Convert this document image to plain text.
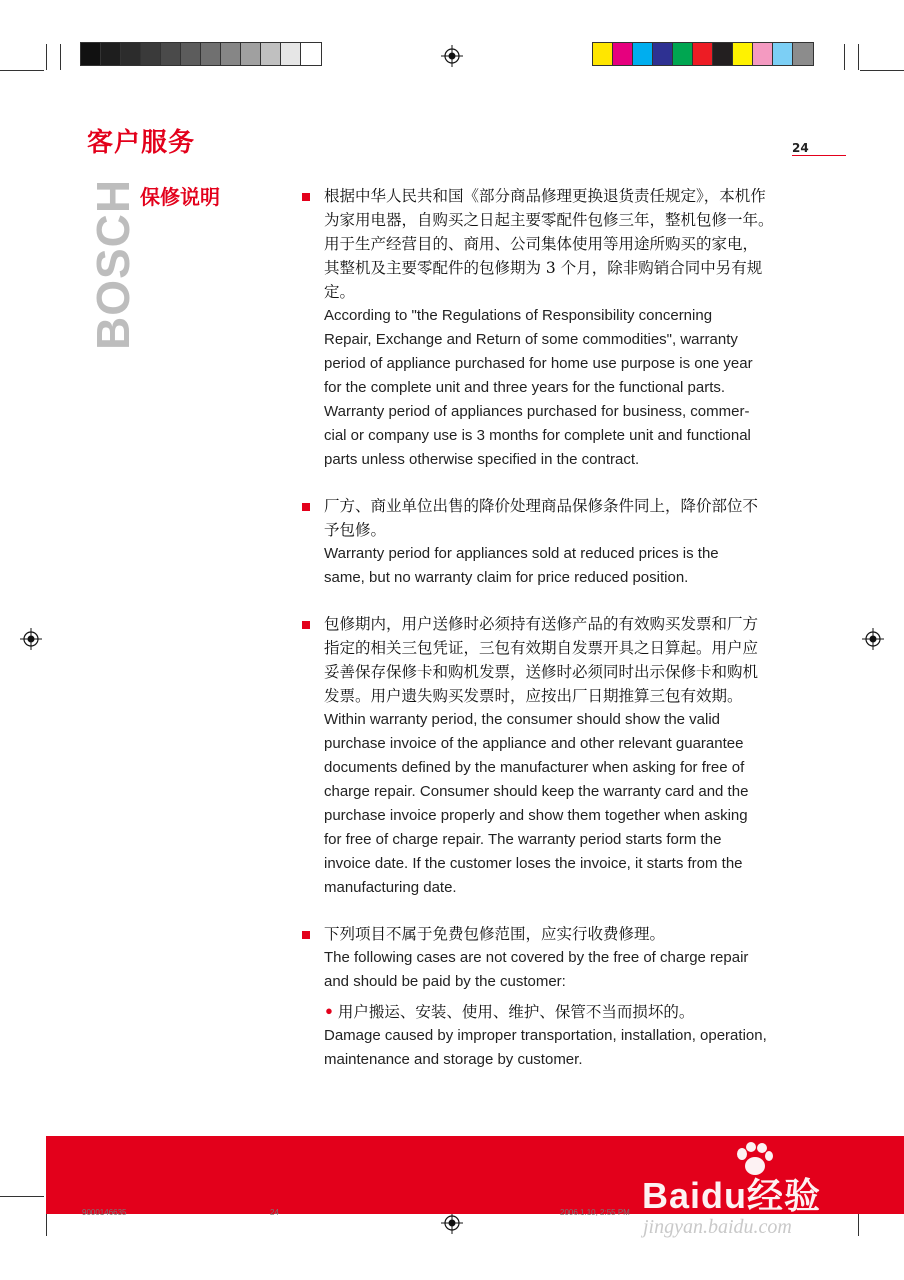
客户服务	24
BOSCH 保修说明	根据中华人民共和国《部分商品修理更换退货责任规定》，本机作
为家用电器，自购买之日起主要零配件包修三年，整机包修一年。
用于生产经营目的、商用、公司集体使用等用途所购买的家电，
其整机及主要零配件的包修期为 3 个月，除非购销合同中另有规
定。
According to "the Regulations of Responsibility concerning
Repair, Exchange and Return of some commodities", warranty
period of appliance purchased for home use purpose is one year
for the complete unit and three years for the functional parts.
Warranty period of appliances purchased for business, commer-
cial or company use is 3 months for complete unit and functional
parts unless otherwise specified in the contract.
厂方、商业单位出售的降价处理商品保修条件同上，降价部位不
予包修。
Warranty period for appliances sold at reduced prices is the
same, but no warranty claim for price reduced position.
包修期内，用户送修时必须持有送修产品的有效购买发票和厂方
指定的相关三包凭证，三包有效期自发票开具之日算起。用户应
妥善保存保修卡和购机发票，送修时必须同时出示保修卡和购机
发票。用户遗失购买发票时，应按出厂日期推算三包有效期。
Within warranty period, the consumer should show the valid
purchase invoice of the appliance and other relevant guarantee
documents defined by the manufacturer when asking for free of
charge repair. Consumer should keep the warranty card and the
purchase invoice properly and show them together when asking
for free of charge repair. The warranty period starts form the
invoice date. If the customer loses the invoice, it starts from the
manufacturing date.
下列项目不属于免费包修范围，应实行收费修理。
The following cases are not covered by the free of charge repair
and should be paid by the customer:
• 用户搬运、安装、使用、维护、保管不当而损坏的。
Damage caused by improper transportation, installation, operation,
maintenance and storage by customer.
9000146635	24	2006.1.10, 2:55 PM Baidu经验
jingyan.baidu.com
